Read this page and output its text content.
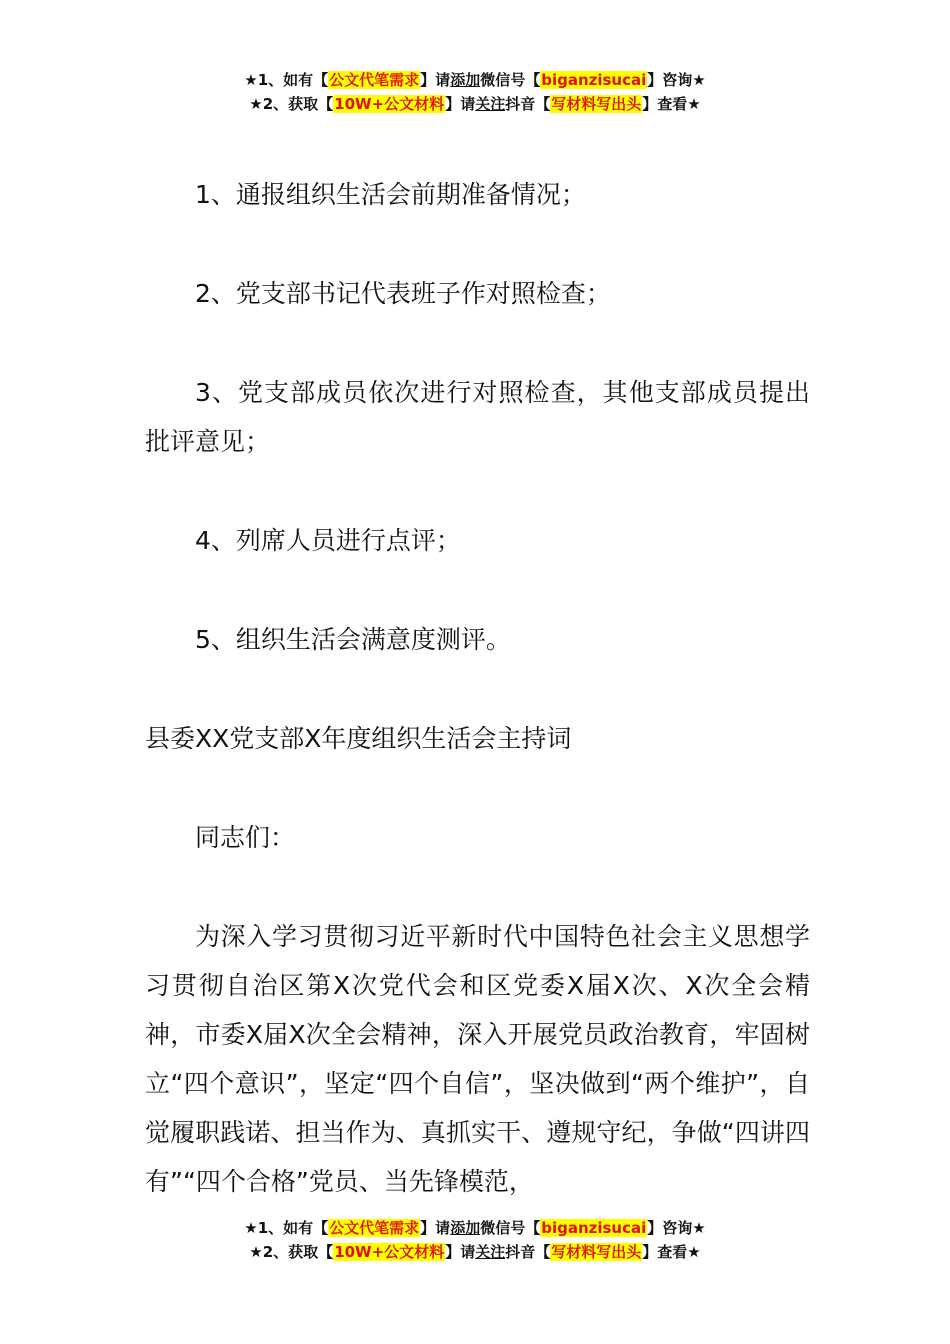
★1、如有【公文代笔需求】请添加微信号【biganzisucai】咨询★
★2、获取【10W+公文材料】请关注抖音【写材料写出头】查看★

1、通报组织生活会前期准备情况；

2、党支部书记代表班子作对照检查；

3、党支部成员依次进行对照检查，其他支部成员提出批评意见；

4、列席人员进行点评；

5、组织生活会满意度测评。

县委XX党支部X年度组织生活会主持词

同志们：

为深入学习贯彻习近平新时代中国特色社会主义思想学习贯彻自治区第X次党代会和区党委X届X次、X次全会精神，市委X届X次全会精神，深入开展党员政治教育，牢固树立“四个意识”，坚定“四个自信”，坚决做到“两个维护”，自觉履职践诺、担当作为、真抓实干、遵规守纪，争做“四讲四有”“四个合格”党员、当先锋模范，

★1、如有【公文代笔需求】请添加微信号【biganzisucai】咨询★
★2、获取【10W+公文材料】请关注抖音【写材料写出头】查看★
